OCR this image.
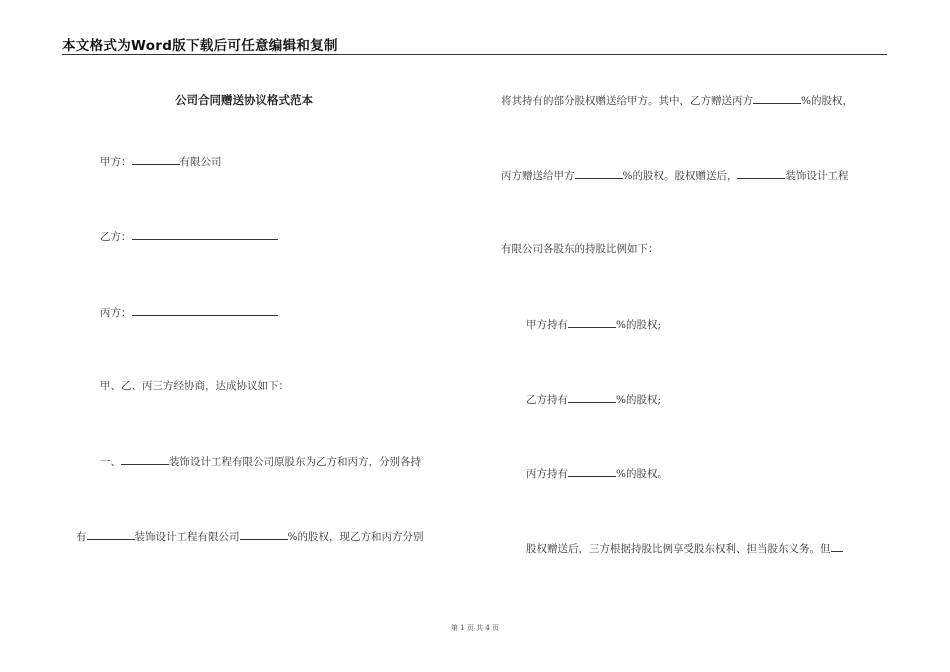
本文格式为Word版下载后可任意编辑和复制
公司合同赠送协议格式范本
甲方：	有限公司
乙方：
丙方：
甲、乙、丙三方经协商，达成协议如下：
一、	装饰设计工程有限公司原股东为乙方和丙方，分别各持
有	装饰设计工程有限公司	%的股权，现乙方和丙方分别
将其持有的部分股权赠送给甲方。其中，乙方赠送丙方	%的股权，
丙方赠送给甲方	%的股权。股权赠送后，	装饰设计工程
有限公司各股东的持股比例如下：
甲方持有	%的股权;
乙方持有	%的股权;
丙方持有	%的股权。
股权赠送后，三方根据持股比例享受股东权利、担当股东义务。但
第 1 页 共 4 页
